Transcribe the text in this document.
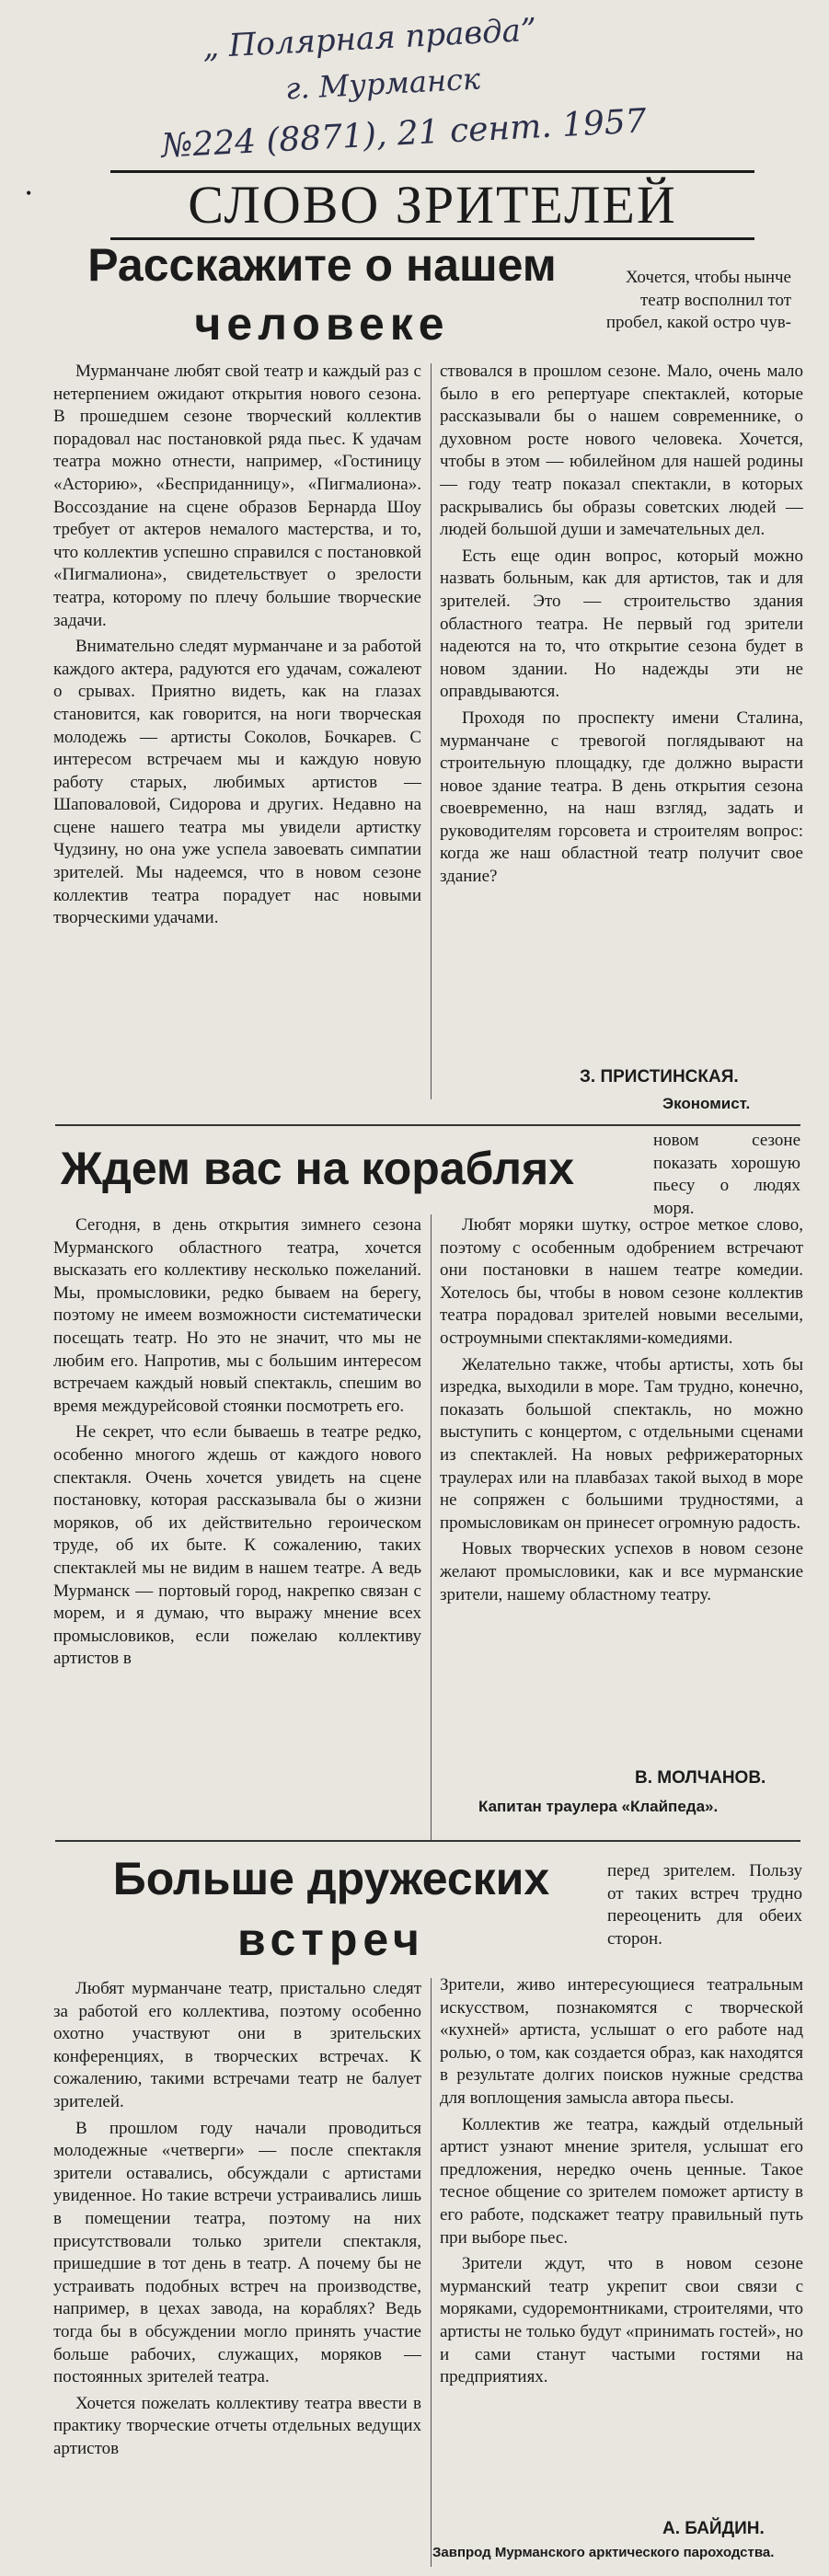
„ Полярная правда”
г. Мурманск
№224 (8871), 21 сент. 1957
•	СЛОВО ЗРИТЕЛЕЙ
Расскажите о нашем
человеке

Хочется, чтобы нынче театр восполнил тот пробел, какой остро чув-

Мурманчане любят свой театр и каждый раз с нетерпением ожидают открытия нового сезона. В прошедшем сезоне творческий коллектив порадовал нас постановкой ряда пьес. К удачам театра можно отнести, например, «Гостиницу «Асторию», «Бесприданницу», «Пигмалиона». Воссоздание на сцене образов Бернарда Шоу требует от актеров немалого мастерства, и то, что коллектив успешно справился с постановкой «Пигмалиона», свидетельствует о зрелости театра, которому по плечу большие творческие задачи.

Внимательно следят мурманчане и за работой каждого актера, радуются его удачам, сожалеют о срывах. Приятно видеть, как на глазах становится, как говорится, на ноги творческая молодежь — артисты Соколов, Бочкарев. С интересом встречаем мы и каждую новую работу старых, любимых артистов — Шаповаловой, Сидорова и других. Недавно на сцене нашего театра мы увидели артистку Чудзину, но она уже успела завоевать симпатии зрителей. Мы надеемся, что в новом сезоне коллектив театра порадует нас новыми творческими удачами.

ствовался в прошлом сезоне. Мало, очень мало было в его репертуаре спектаклей, которые рассказывали бы о нашем современнике, о духовном росте нового человека. Хочется, чтобы в этом — юбилейном для нашей родины — году театр показал спектакли, в которых раскрывались бы образы советских людей — людей большой души и замечательных дел.

Есть еще один вопрос, который можно назвать больным, как для артистов, так и для зрителей. Это — строительство здания областного театра. Не первый год зрители надеются на то, что открытие сезона будет в новом здании. Но надежды эти не оправдываются.

Проходя по проспекту имени Сталина, мурманчане с тревогой поглядывают на строительную площадку, где должно вырасти новое здание театра. В день открытия сезона своевременно, на наш взгляд, задать и руководителям горсовета и строителям вопрос: когда же наш областной театр получит свое здание?

З. ПРИСТИНСКАЯ.
Экономист.
Ждем вас на кораблях

новом сезоне показать хорошую пьесу о людях моря.

Сегодня, в день открытия зимнего сезона Мурманского областного театра, хочется высказать его коллективу несколько пожеланий. Мы, промысловики, редко бываем на берегу, поэтому не имеем возможности систематически посещать театр. Но это не значит, что мы не любим его. Напротив, мы с большим интересом встречаем каждый новый спектакль, спешим во время междурейсовой стоянки посмотреть его.

Не секрет, что если бываешь в театре редко, особенно многого ждешь от каждого нового спектакля. Очень хочется увидеть на сцене постановку, которая рассказывала бы о жизни моряков, об их действительно героическом труде, об их быте. К сожалению, таких спектаклей мы не видим в нашем театре. А ведь Мурманск — портовый город, накрепко связан с морем, и я думаю, что выражу мнение всех промысловиков, если пожелаю коллективу артистов в

Любят моряки шутку, острое меткое слово, поэтому с особенным одобрением встречают они постановки в нашем театре комедии. Хотелось бы, чтобы в новом сезоне коллектив театра порадовал зрителей новыми веселыми, остроумными спектаклями-комедиями.

Желательно также, чтобы артисты, хоть бы изредка, выходили в море. Там трудно, конечно, показать большой спектакль, но можно выступить с концертом, с отдельными сценами из спектаклей. На новых рефрижераторных траулерах или на плавбазах такой выход в море не сопряжен с большими трудностями, а промысловикам он принесет огромную радость.

Новых творческих успехов в новом сезоне желают промысловики, как и все мурманские зрители, нашему областному театру.

В. МОЛЧАНОВ.
Капитан траулера «Клайпеда».
Больше дружеских
встреч

перед зрителем. Пользу от таких встреч трудно переоценить для обеих сторон.

Любят мурманчане театр, пристально следят за работой его коллектива, поэтому особенно охотно участвуют они в зрительских конференциях, в творческих встречах. К сожалению, такими встречами театр не балует зрителей.

В прошлом году начали проводиться молодежные «четверги» — после спектакля зрители оставались, обсуждали с артистами увиденное. Но такие встречи устраивались лишь в помещении театра, поэтому на них присутствовали только зрители спектакля, пришедшие в тот день в театр. А почему бы не устраивать подобных встреч на производстве, например, в цехах завода, на кораблях? Ведь тогда бы в обсуждении могло принять участие больше рабочих, служащих, моряков — постоянных зрителей театра.

Хочется пожелать коллективу театра ввести в практику творческие отчеты отдельных ведущих артистов

Зрители, живо интересующиеся театральным искусством, познакомятся с творческой «кухней» артиста, услышат о его работе над ролью, о том, как создается образ, как находятся в результате долгих поисков нужные средства для воплощения замысла автора пьесы.

Коллектив же театра, каждый отдельный артист узнают мнение зрителя, услышат его предложения, нередко очень ценные. Такое тесное общение со зрителем поможет артисту в его работе, подскажет театру правильный путь при выборе пьес.

Зрители ждут, что в новом сезоне мурманский театр укрепит свои связи с моряками, судоремонтниками, строителями, что артисты не только будут «принимать гостей», но и сами станут частыми гостями на предприятиях.

А. БАЙДИН.
Завпрод Мурманского арктического пароходства.
